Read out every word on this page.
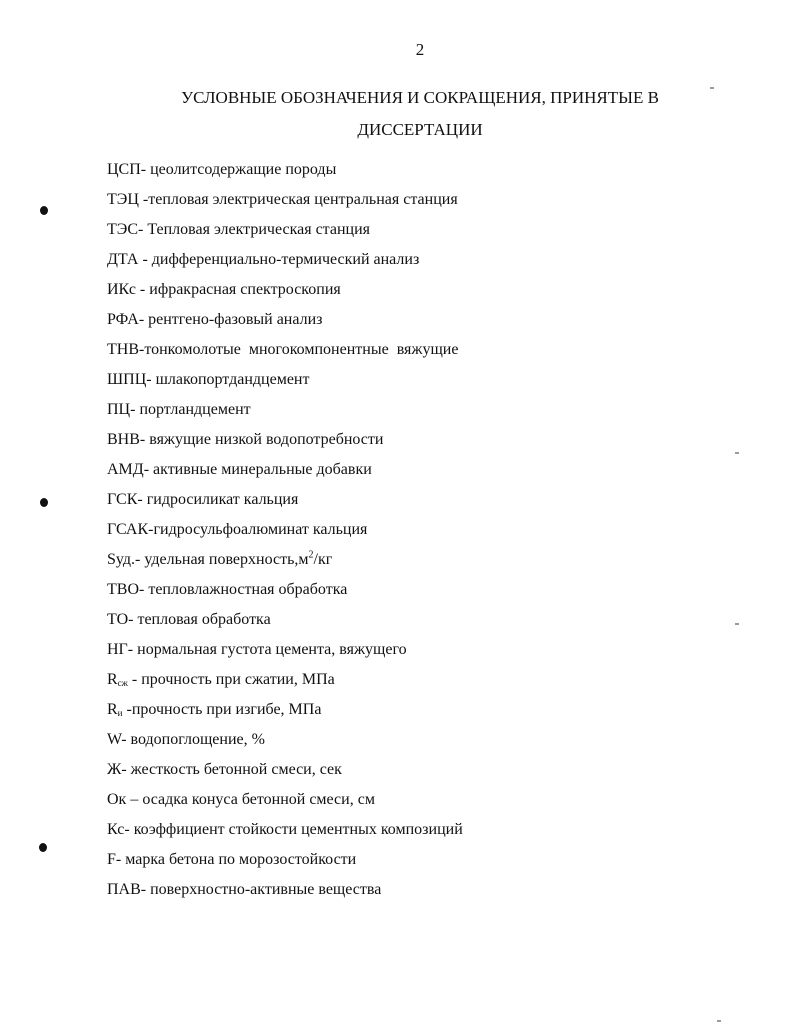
2
УСЛОВНЫЕ ОБОЗНАЧЕНИЯ И СОКРАЩЕНИЯ, ПРИНЯТЫЕ В
ДИССЕРТАЦИИ
ЦСП- цеолитсодержащие породы
ТЭЦ -тепловая электрическая центральная станция
ТЭС- Тепловая электрическая станция
ДТА - дифференциально-термический анализ
ИКс - ифракрасная спектроскопия
РФА- рентгено-фазовый анализ
ТНВ-тонкомолотые  многокомпонентные  вяжущие
ШПЦ- шлакопортдандцемент
ПЦ- портландцемент
ВНВ- вяжущие низкой водопотребности
АМД- активные минеральные добавки
ГСК- гидросиликат кальция
ГСАК-гидросульфоалюминат кальция
Sуд.- удельная $поверхность,м^2/кг$
ТВО- тепловлажностная обработка
ТО- тепловая обработка
НГ- нормальная густота цемента, вяжущего
$R_{сж}$ - прочность при сжатии, МПа
$R_и$ -прочность при изгибе, МПа
W- водопоглощение, %
Ж- жесткость бетонной смеси, сек
Ок – осадка конуса бетонной смеси, см
Кс- коэффициент стойкости цементных композиций
F- марка бетона по морозостойкости
ПАВ- поверхностно-активные вещества
